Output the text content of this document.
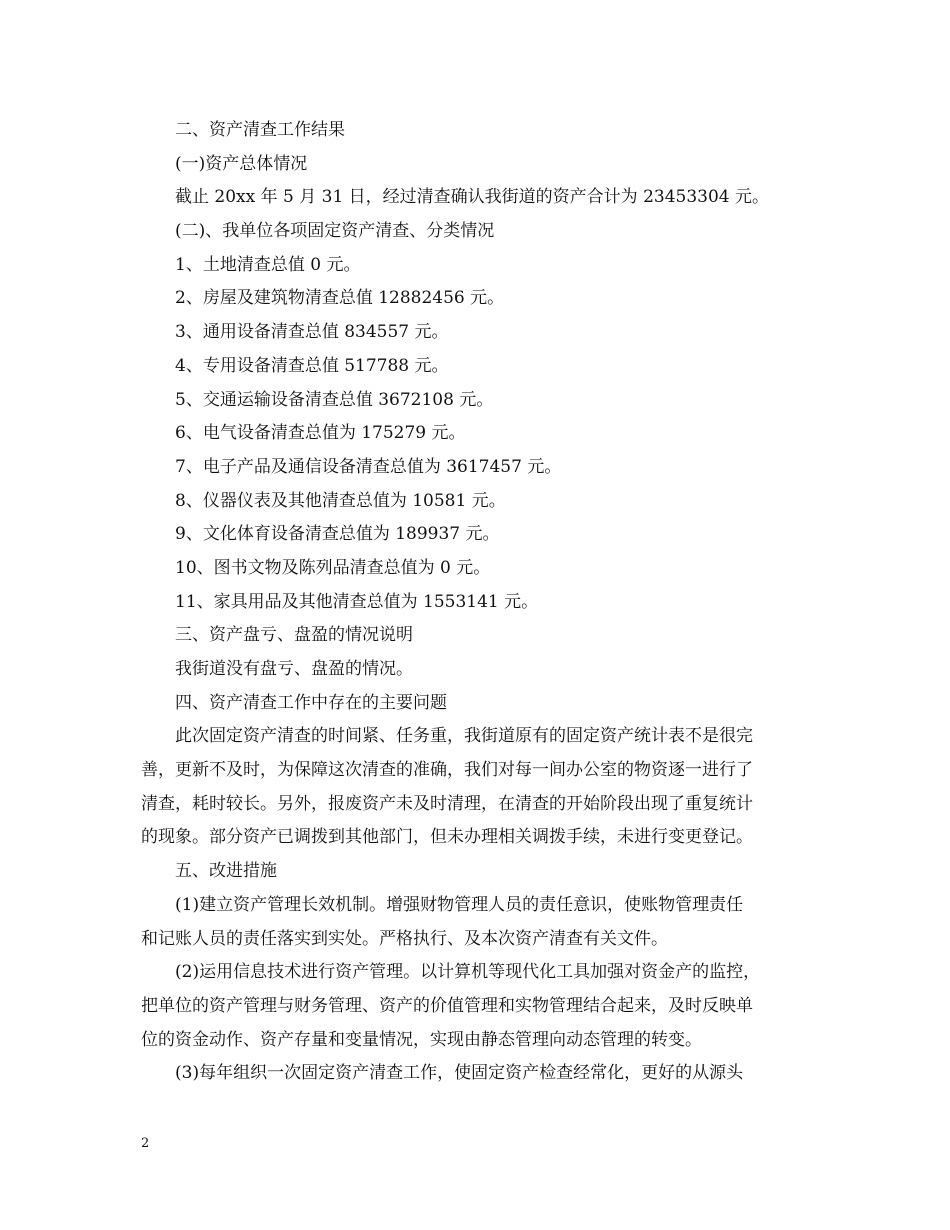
二、资产清查工作结果
(一)资产总体情况
截止 20xx 年 5 月 31 日，经过清查确认我街道的资产合计为 23453304 元。
(二)、我单位各项固定资产清查、分类情况
1、土地清查总值 0 元。
2、房屋及建筑物清查总值 12882456 元。
3、通用设备清查总值 834557 元。
4、专用设备清查总值 517788 元。
5、交通运输设备清查总值 3672108 元。
6、电气设备清查总值为 175279 元。
7、电子产品及通信设备清查总值为 3617457 元。
8、仪器仪表及其他清查总值为 10581 元。
9、文化体育设备清查总值为 189937 元。
10、图书文物及陈列品清查总值为 0 元。
11、家具用品及其他清查总值为 1553141 元。
三、资产盘亏、盘盈的情况说明
我街道没有盘亏、盘盈的情况。
四、资产清查工作中存在的主要问题
此次固定资产清查的时间紧、任务重，我街道原有的固定资产统计表不是很完
善，更新不及时，为保障这次清查的准确，我们对每一间办公室的物资逐一进行了
清查，耗时较长。另外，报废资产未及时清理，在清查的开始阶段出现了重复统计
的现象。部分资产已调拨到其他部门，但未办理相关调拨手续，未进行变更登记。
五、改进措施
(1)建立资产管理长效机制。增强财物管理人员的责任意识，使账物管理责任
和记账人员的责任落实到实处。严格执行、及本次资产清查有关文件。
(2)运用信息技术进行资产管理。以计算机等现代化工具加强对资金产的监控，
把单位的资产管理与财务管理、资产的价值管理和实物管理结合起来，及时反映单
位的资金动作、资产存量和变量情况，实现由静态管理向动态管理的转变。
(3)每年组织一次固定资产清查工作，使固定资产检查经常化，更好的从源头
2
